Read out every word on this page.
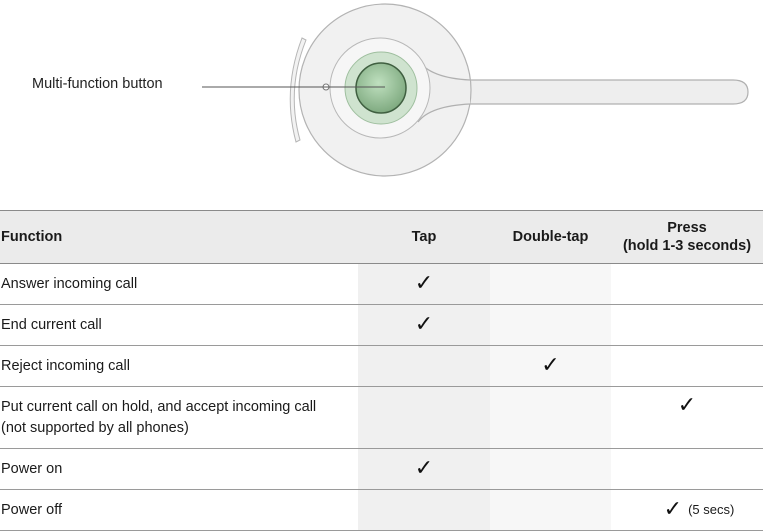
Multi-function button
Function	Tap	Double-tap	Press
(hold 1-3 seconds)

Answer incoming call	✓		
End current call	✓		
Reject incoming call		✓	

Put current call on hold, and accept incoming call
(not supported by all phones)			✓
Power on	✓		
Power off			✓ (5 secs)
